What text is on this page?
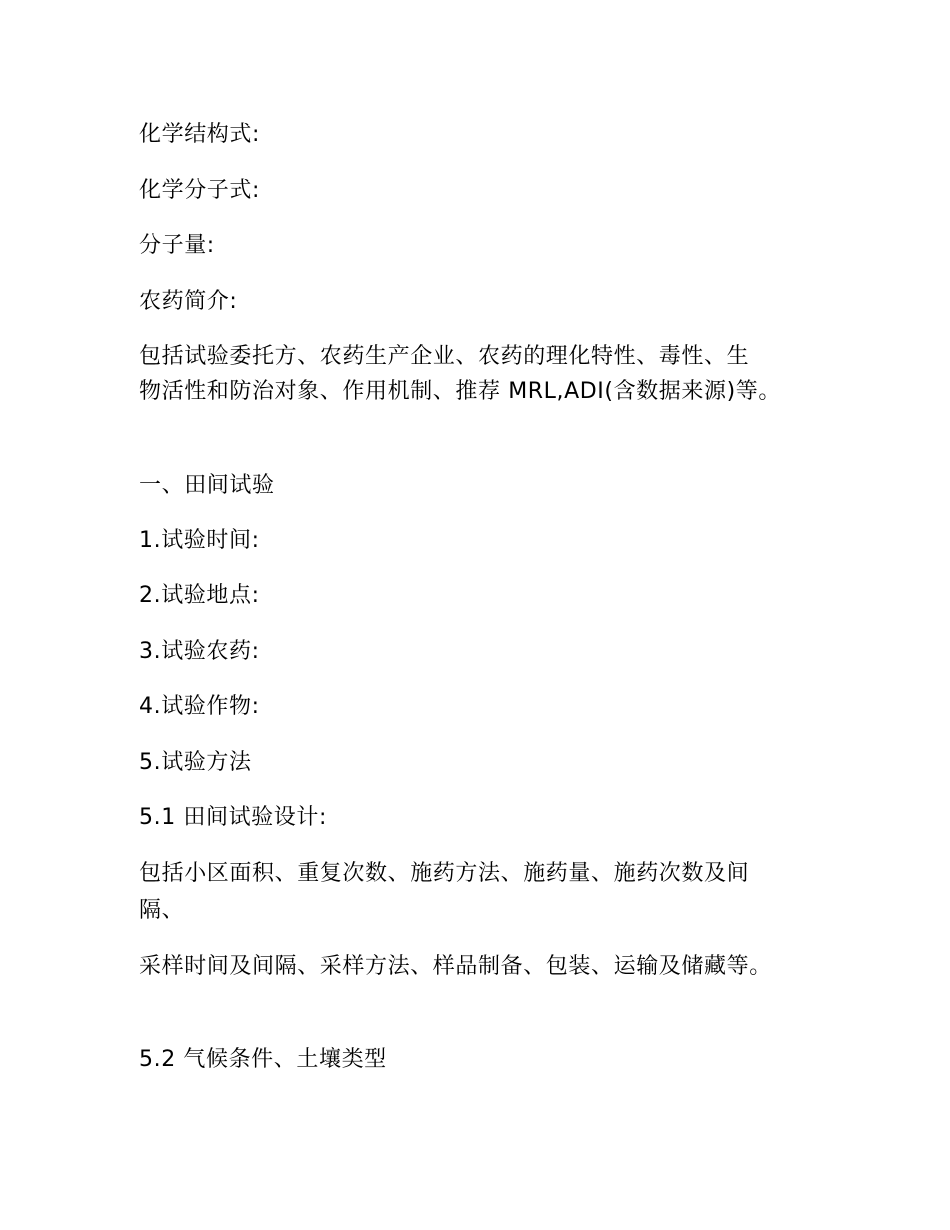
化学结构式:
化学分子式:
分子量:
农药简介:
包括试验委托方、农药生产企业、农药的理化特性、毒性、生
物活性和防治对象、作用机制、推荐 MRL,ADI(含数据来源)等。
一、田间试验
1.试验时间:
2.试验地点:
3.试验农药:
4.试验作物:
5.试验方法
5.1 田间试验设计:
包括小区面积、重复次数、施药方法、施药量、施药次数及间
隔、
采样时间及间隔、采样方法、样品制备、包装、运输及储藏等。
5.2 气候条件、土壤类型
